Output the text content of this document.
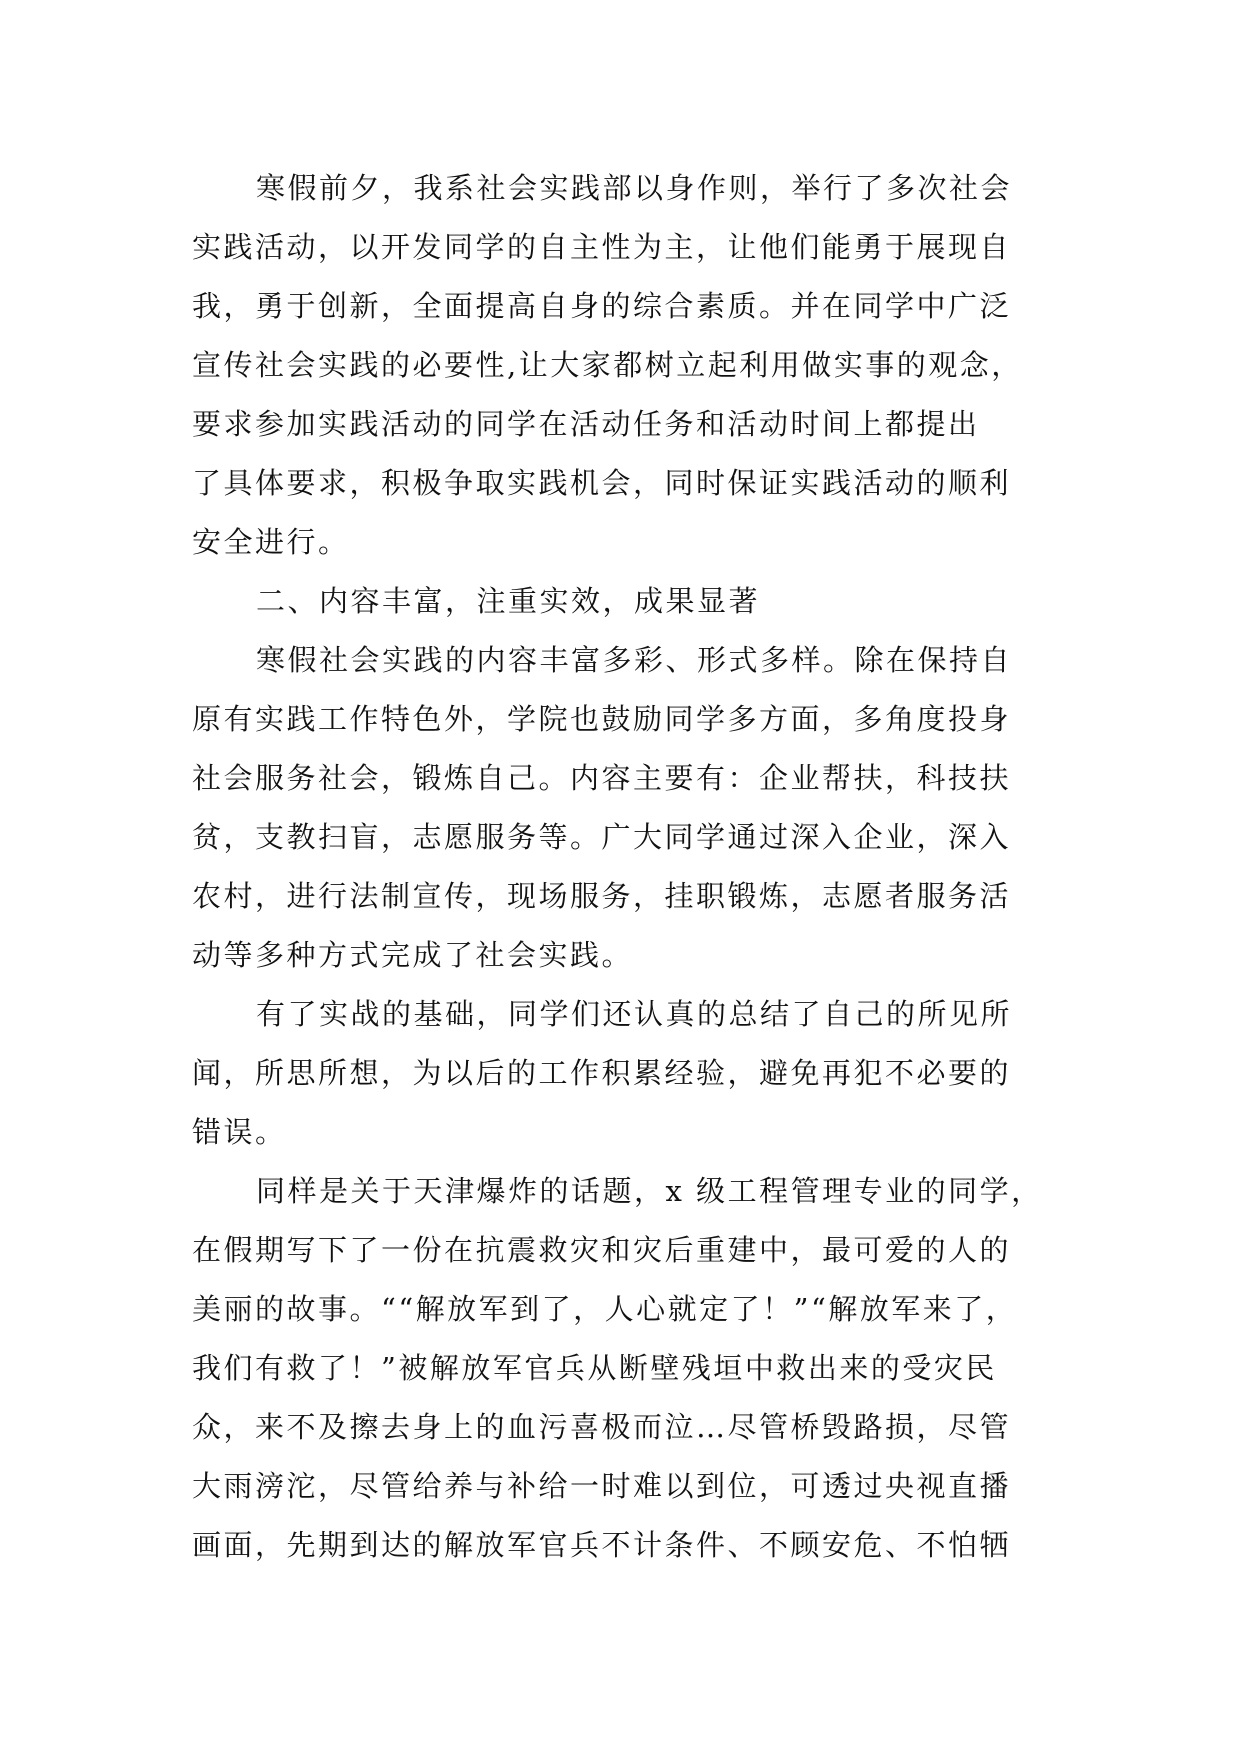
寒假前夕，我系社会实践部以身作则，举行了多次社会
实践活动，以开发同学的自主性为主，让他们能勇于展现自
我，勇于创新，全面提高自身的综合素质。并在同学中广泛
宣传社会实践的必要性,让大家都树立起利用做实事的观念，
要求参加实践活动的同学在活动任务和活动时间上都提出
了具体要求，积极争取实践机会，同时保证实践活动的顺利
安全进行。

二、内容丰富，注重实效，成果显著

寒假社会实践的内容丰富多彩、形式多样。除在保持自
原有实践工作特色外，学院也鼓励同学多方面，多角度投身
社会服务社会，锻炼自己。内容主要有：企业帮扶，科技扶
贫，支教扫盲，志愿服务等。广大同学通过深入企业，深入
农村，进行法制宣传，现场服务，挂职锻炼，志愿者服务活
动等多种方式完成了社会实践。

有了实战的基础，同学们还认真的总结了自己的所见所
闻，所思所想，为以后的工作积累经验，避免再犯不必要的
错误。

同样是关于天津爆炸的话题，x 级工程管理专业的同学，
在假期写下了一份在抗震救灾和灾后重建中，最可爱的人的
美丽的故事。““解放军到了，人心就定了！”“解放军来了，
我们有救了！”被解放军官兵从断壁残垣中救出来的受灾民
众，来不及擦去身上的血污喜极而泣…尽管桥毁路损，尽管
大雨滂沱，尽管给养与补给一时难以到位，可透过央视直播
画面，先期到达的解放军官兵不计条件、不顾安危、不怕牺
